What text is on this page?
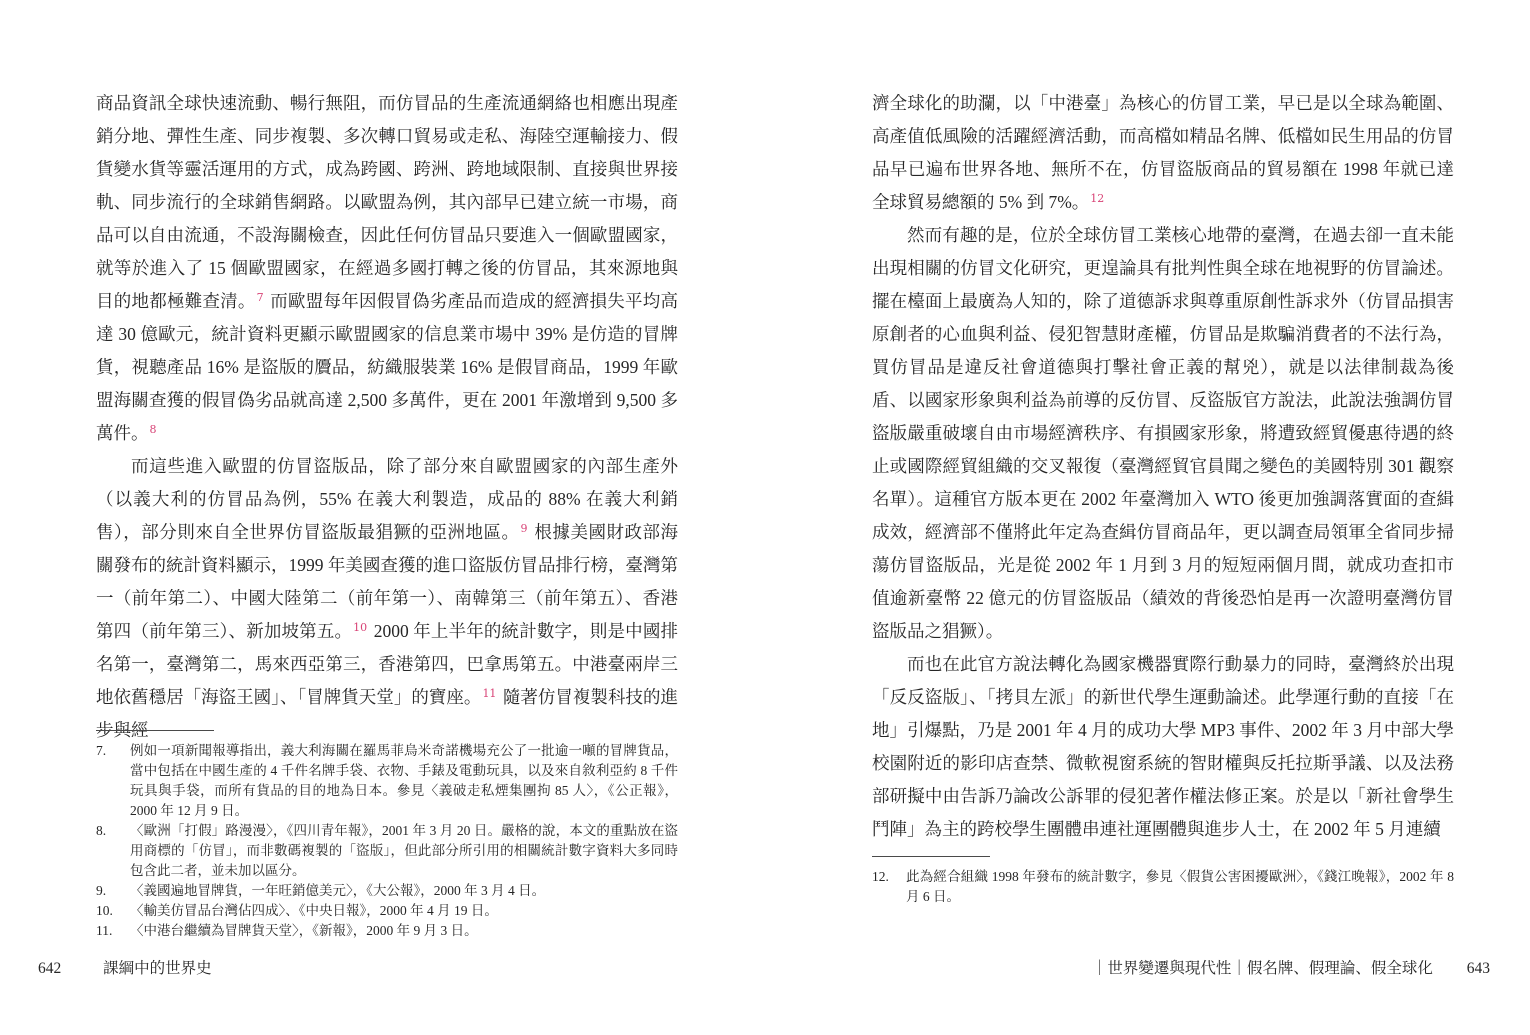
商品資訊全球快速流動、暢行無阻，而仿冒品的生產流通網絡也相應出現產銷分地、彈性生產、同步複製、多次轉口貿易或走私、海陸空運輸接力、假貨變水貨等靈活運用的方式，成為跨國、跨洲、跨地域限制、直接與世界接軌、同步流行的全球銷售網路。以歐盟為例，其內部早已建立統一市場，商品可以自由流通，不設海關檢查，因此任何仿冒品只要進入一個歐盟國家，就等於進入了 15 個歐盟國家，在經過多國打轉之後的仿冒品，其來源地與目的地都極難查清。$^7$ 而歐盟每年因假冒偽劣產品而造成的經濟損失平均高達 30 億歐元，統計資料更顯示歐盟國家的信息業市場中 39% 是仿造的冒牌貨，視聽產品 16% 是盜版的贗品，紡織服裝業 16% 是假冒商品，1999 年歐盟海關查獲的假冒偽劣品就高達 2,500 多萬件，更在 2001 年激增到 9,500 多萬件。$^8$

而這些進入歐盟的仿冒盜版品，除了部分來自歐盟國家的內部生產外（以義大利的仿冒品為例，55% 在義大利製造，成品的 88% 在義大利銷售），部分則來自全世界仿冒盜版最猖獗的亞洲地區。$^9$ 根據美國財政部海關發布的統計資料顯示，1999 年美國查獲的進口盜版仿冒品排行榜，臺灣第一（前年第二）、中國大陸第二（前年第一）、南韓第三（前年第五）、香港第四（前年第三）、新加坡第五。$^{10}$ 2000 年上半年的統計數字，則是中國排名第一，臺灣第二，馬來西亞第三，香港第四，巴拿馬第五。中港臺兩岸三地依舊穩居「海盜王國」、「冒牌貨天堂」的寶座。$^{11}$ 隨著仿冒複製科技的進步與經

7.	例如一項新聞報導指出，義大利海關在羅馬菲烏米奇諾機場充公了一批逾一噸的冒牌貨品，當中包括在中國生產的 4 千件名牌手袋、衣物、手錶及電動玩具，以及來自敘利亞約 8 千件玩具與手袋，而所有貨品的目的地為日本。參見〈義破走私煙集團拘 85 人〉，《公正報》，2000 年 12 月 9 日。
8.	〈歐洲「打假」路漫漫〉，《四川青年報》，2001 年 3 月 20 日。嚴格的說，本文的重點放在盜用商標的「仿冒」，而非數碼複製的「盜版」，但此部分所引用的相關統計數字資料大多同時包含此二者，並未加以區分。
9.	〈義國遍地冒牌貨，一年旺銷億美元〉，《大公報》，2000 年 3 月 4 日。
10.	〈輸美仿冒品台灣佔四成〉、《中央日報》，2000 年 4 月 19 日。
11.	〈中港台繼續為冒牌貨天堂〉，《新報》，2000 年 9 月 3 日。
642	課綱中的世界史

濟全球化的助瀾，以「中港臺」為核心的仿冒工業，早已是以全球為範圍、高產值低風險的活躍經濟活動，而高檔如精品名牌、低檔如民生用品的仿冒品早已遍布世界各地、無所不在，仿冒盜版商品的貿易額在 1998 年就已達全球貿易總額的 5% 到 7%。$^{12}$

然而有趣的是，位於全球仿冒工業核心地帶的臺灣，在過去卻一直未能出現相關的仿冒文化研究，更遑論具有批判性與全球在地視野的仿冒論述。擺在檯面上最廣為人知的，除了道德訴求與尊重原創性訴求外（仿冒品損害原創者的心血與利益、侵犯智慧財產權，仿冒品是欺騙消費者的不法行為，買仿冒品是違反社會道德與打擊社會正義的幫兇），就是以法律制裁為後盾、以國家形象與利益為前導的反仿冒、反盜版官方說法，此說法強調仿冒盜版嚴重破壞自由市場經濟秩序、有損國家形象，將遭致經貿優惠待遇的終止或國際經貿組織的交叉報復（臺灣經貿官員聞之變色的美國特別 301 觀察名單）。這種官方版本更在 2002 年臺灣加入 WTO 後更加強調落實面的查緝成效，經濟部不僅將此年定為查緝仿冒商品年，更以調查局領軍全省同步掃蕩仿冒盜版品，光是從 2002 年 1 月到 3 月的短短兩個月間，就成功查扣市值逾新臺幣 22 億元的仿冒盜版品（績效的背後恐怕是再一次證明臺灣仿冒盜版品之猖獗）。

而也在此官方說法轉化為國家機器實際行動暴力的同時，臺灣終於出現「反反盜版」、「拷貝左派」的新世代學生運動論述。此學運行動的直接「在地」引爆點，乃是 2001 年 4 月的成功大學 MP3 事件、2002 年 3 月中部大學校園附近的影印店查禁、微軟視窗系統的智財權與反托拉斯爭議、以及法務部研擬中由告訴乃論改公訴罪的侵犯著作權法修正案。於是以「新社會學生鬥陣」為主的跨校學生團體串連社運團體與進步人士，在 2002 年 5 月連續

12.	此為經合組織 1998 年發布的統計數字，參見〈假貨公害困擾歐洲〉，《錢江晚報》，2002 年 8 月 6 日。
｜世界變遷與現代性｜假名牌、假理論、假全球化 643
